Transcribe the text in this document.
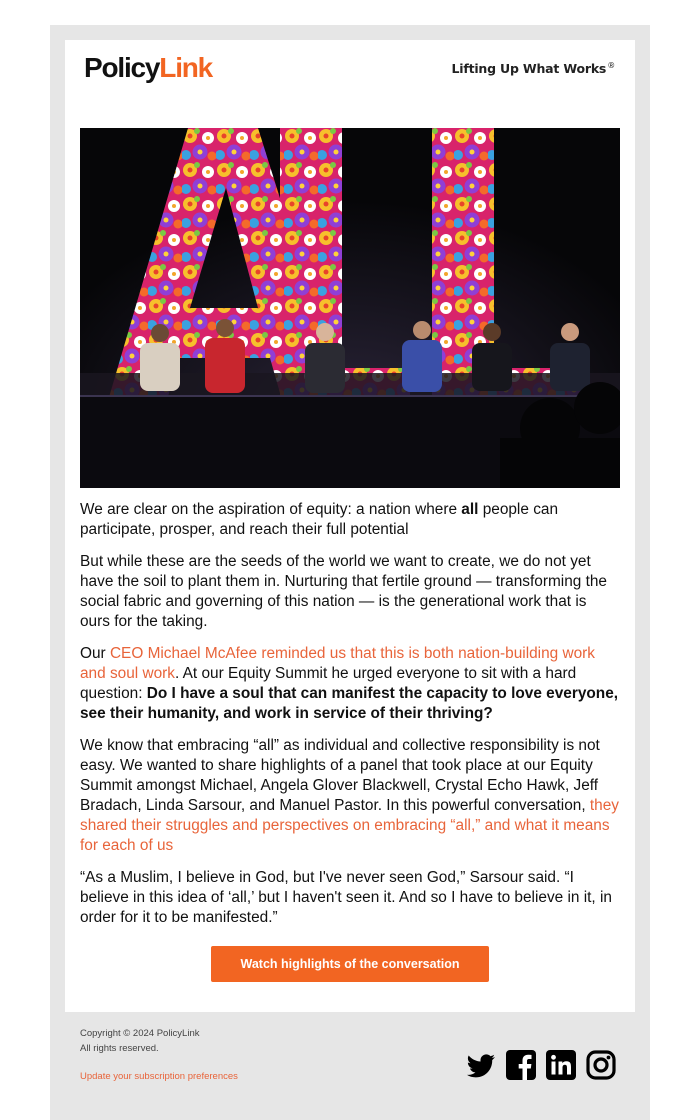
PolicyLink	Lifting Up What Works®

We are clear on the aspiration of equity: a nation where all people can participate, prosper, and reach their full potential

But while these are the seeds of the world we want to create, we do not yet have the soil to plant them in. Nurturing that fertile ground — transforming the social fabric and governing of this nation — is the generational work that is ours for the taking.

Our CEO Michael McAfee reminded us that this is both nation-building work and soul work. At our Equity Summit he urged everyone to sit with a hard question: Do I have a soul that can manifest the capacity to love everyone, see their humanity, and work in service of their thriving?

We know that embracing “all” as individual and collective responsibility is not easy. We wanted to share highlights of a panel that took place at our Equity Summit amongst Michael, Angela Glover Blackwell, Crystal Echo Hawk, Jeff Bradach, Linda Sarsour, and Manuel Pastor. In this powerful conversation, they shared their struggles and perspectives on embracing “all,” and what it means for each of us

“As a Muslim, I believe in God, but I've never seen God,” Sarsour said. “I believe in this idea of ‘all,’ but I haven't seen it. And so I have to believe in it, in order for it to be manifested.”

Watch highlights of the conversation
Copyright © 2024 PolicyLink
All rights reserved.
Update your subscription preferences
